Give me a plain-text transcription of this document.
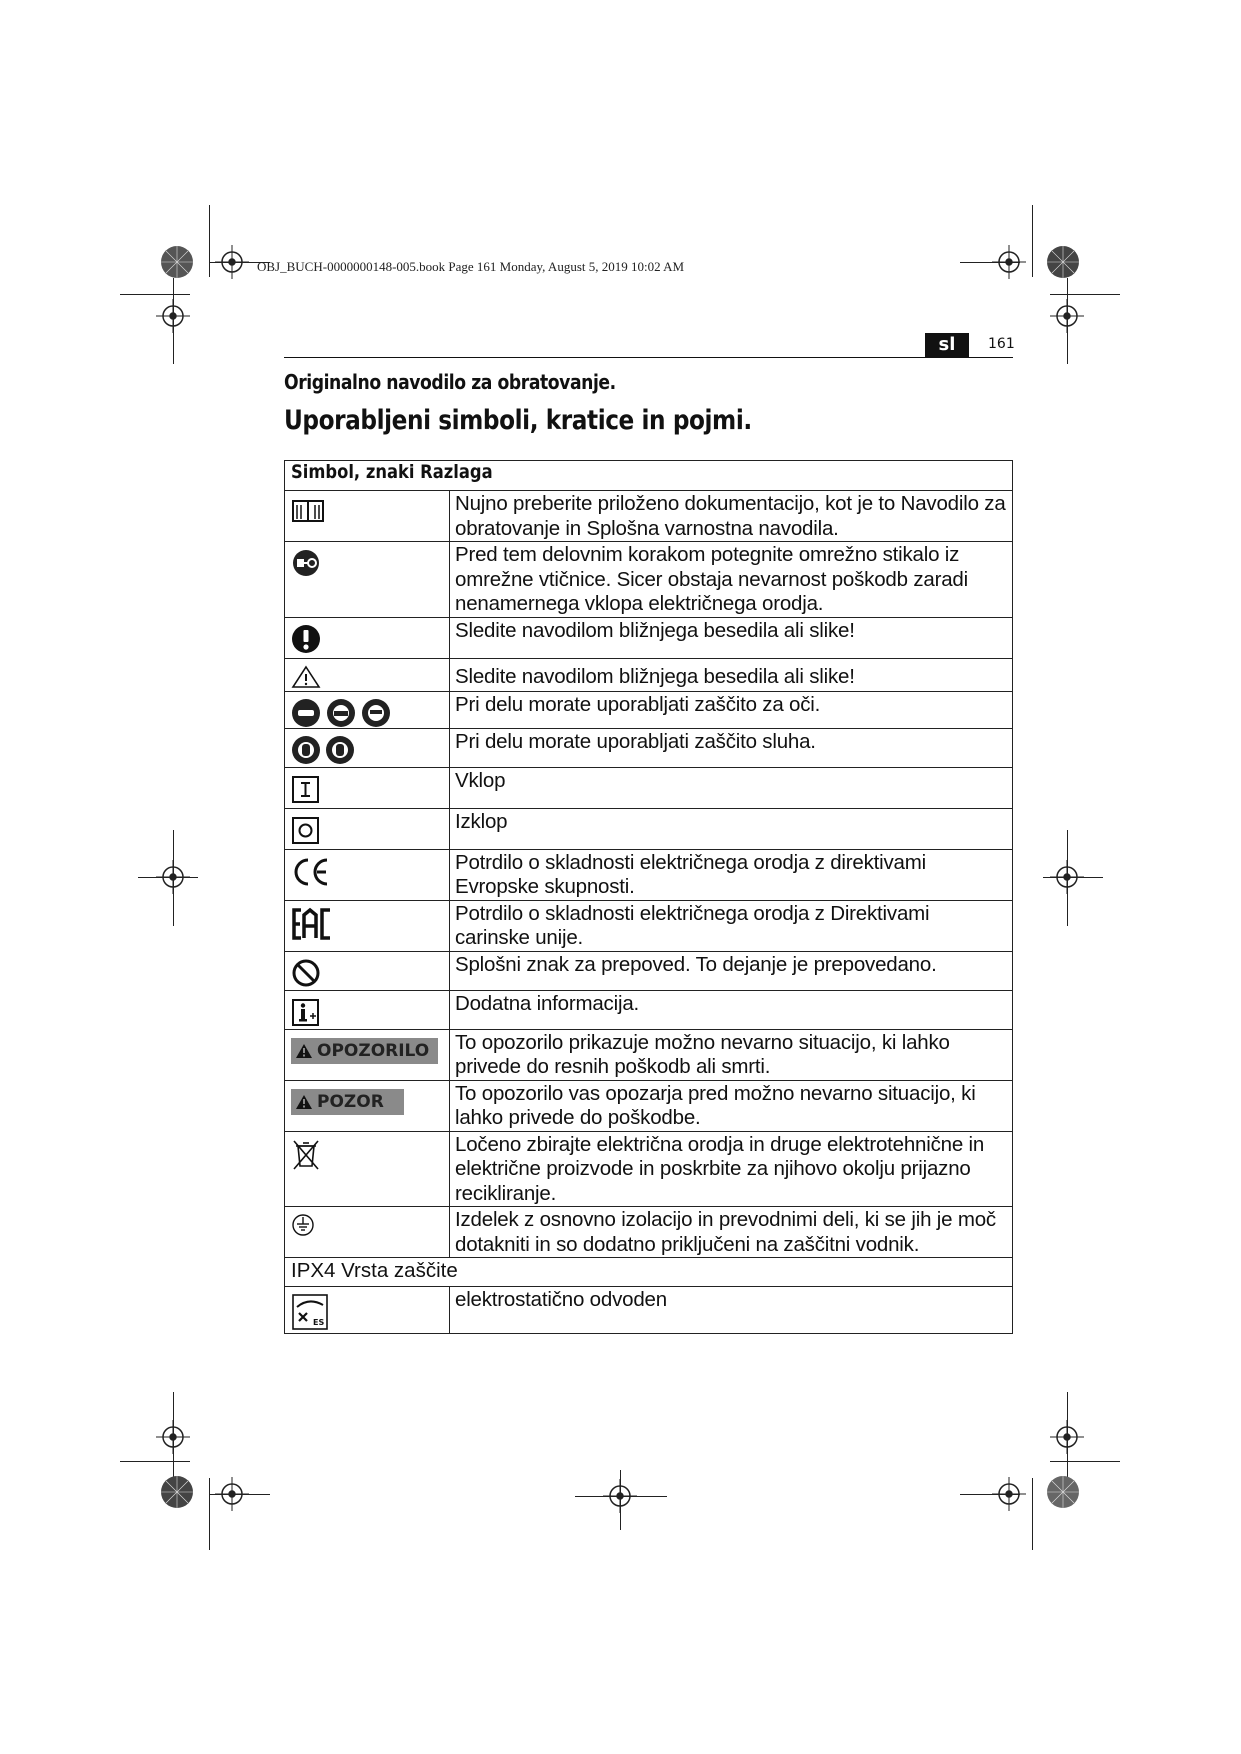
OBJ_BUCH-0000000148-005.book Page 161 Monday, August 5, 2019 10:02 AM
sl	161
Originalno navodilo za obratovanje.
Uporabljeni simboli, kratice in pojmi.
Simbol, znaki Razlaga	

	Nujno preberite priloženo dokumentacijo, kot je to Navodilo za obratovanje in Splošna varnostna navodila.

	Pred tem delovnim korakom potegnite omrežno stikalo iz omrežne vtičnice. Sicer obstaja nevarnost poškodb zaradi nenamernega vklopa električnega orodja.

	Sledite navodilom bližnjega besedila ali slike!

	Sledite navodilom bližnjega besedila ali slike!

	Pri delu morate uporabljati zaščito za oči.

	Pri delu morate uporabljati zaščito sluha.

	Vklop

	Izklop

	Potrdilo o skladnosti električnega orodja z direktivami Evropske skupnosti.

	Potrdilo o skladnosti električnega orodja z Direktivami carinske unije.

	Splošni znak za prepoved. To dejanje je prepovedano.

	Dodatna informacija.

OPOZORILO	To opozorilo prikazuje možno nevarno situacijo, ki lahko privede do resnih poškodb ali smrti.

POZOR	To opozorilo vas opozarja pred možno nevarno situacijo, ki lahko privede do poškodbe.

	Ločeno zbirajte električna orodja in druge elektrotehnične in električne proizvode in poskrbite za njihovo okolju prijazno recikliranje.

	Izdelek z osnovno izolacijo in prevodnimi deli, ki se jih je moč dotakniti in so dodatno priključeni na zaščitni vodnik.
IPX4 Vrsta zaščite	

ES	elektrostatično odvoden
